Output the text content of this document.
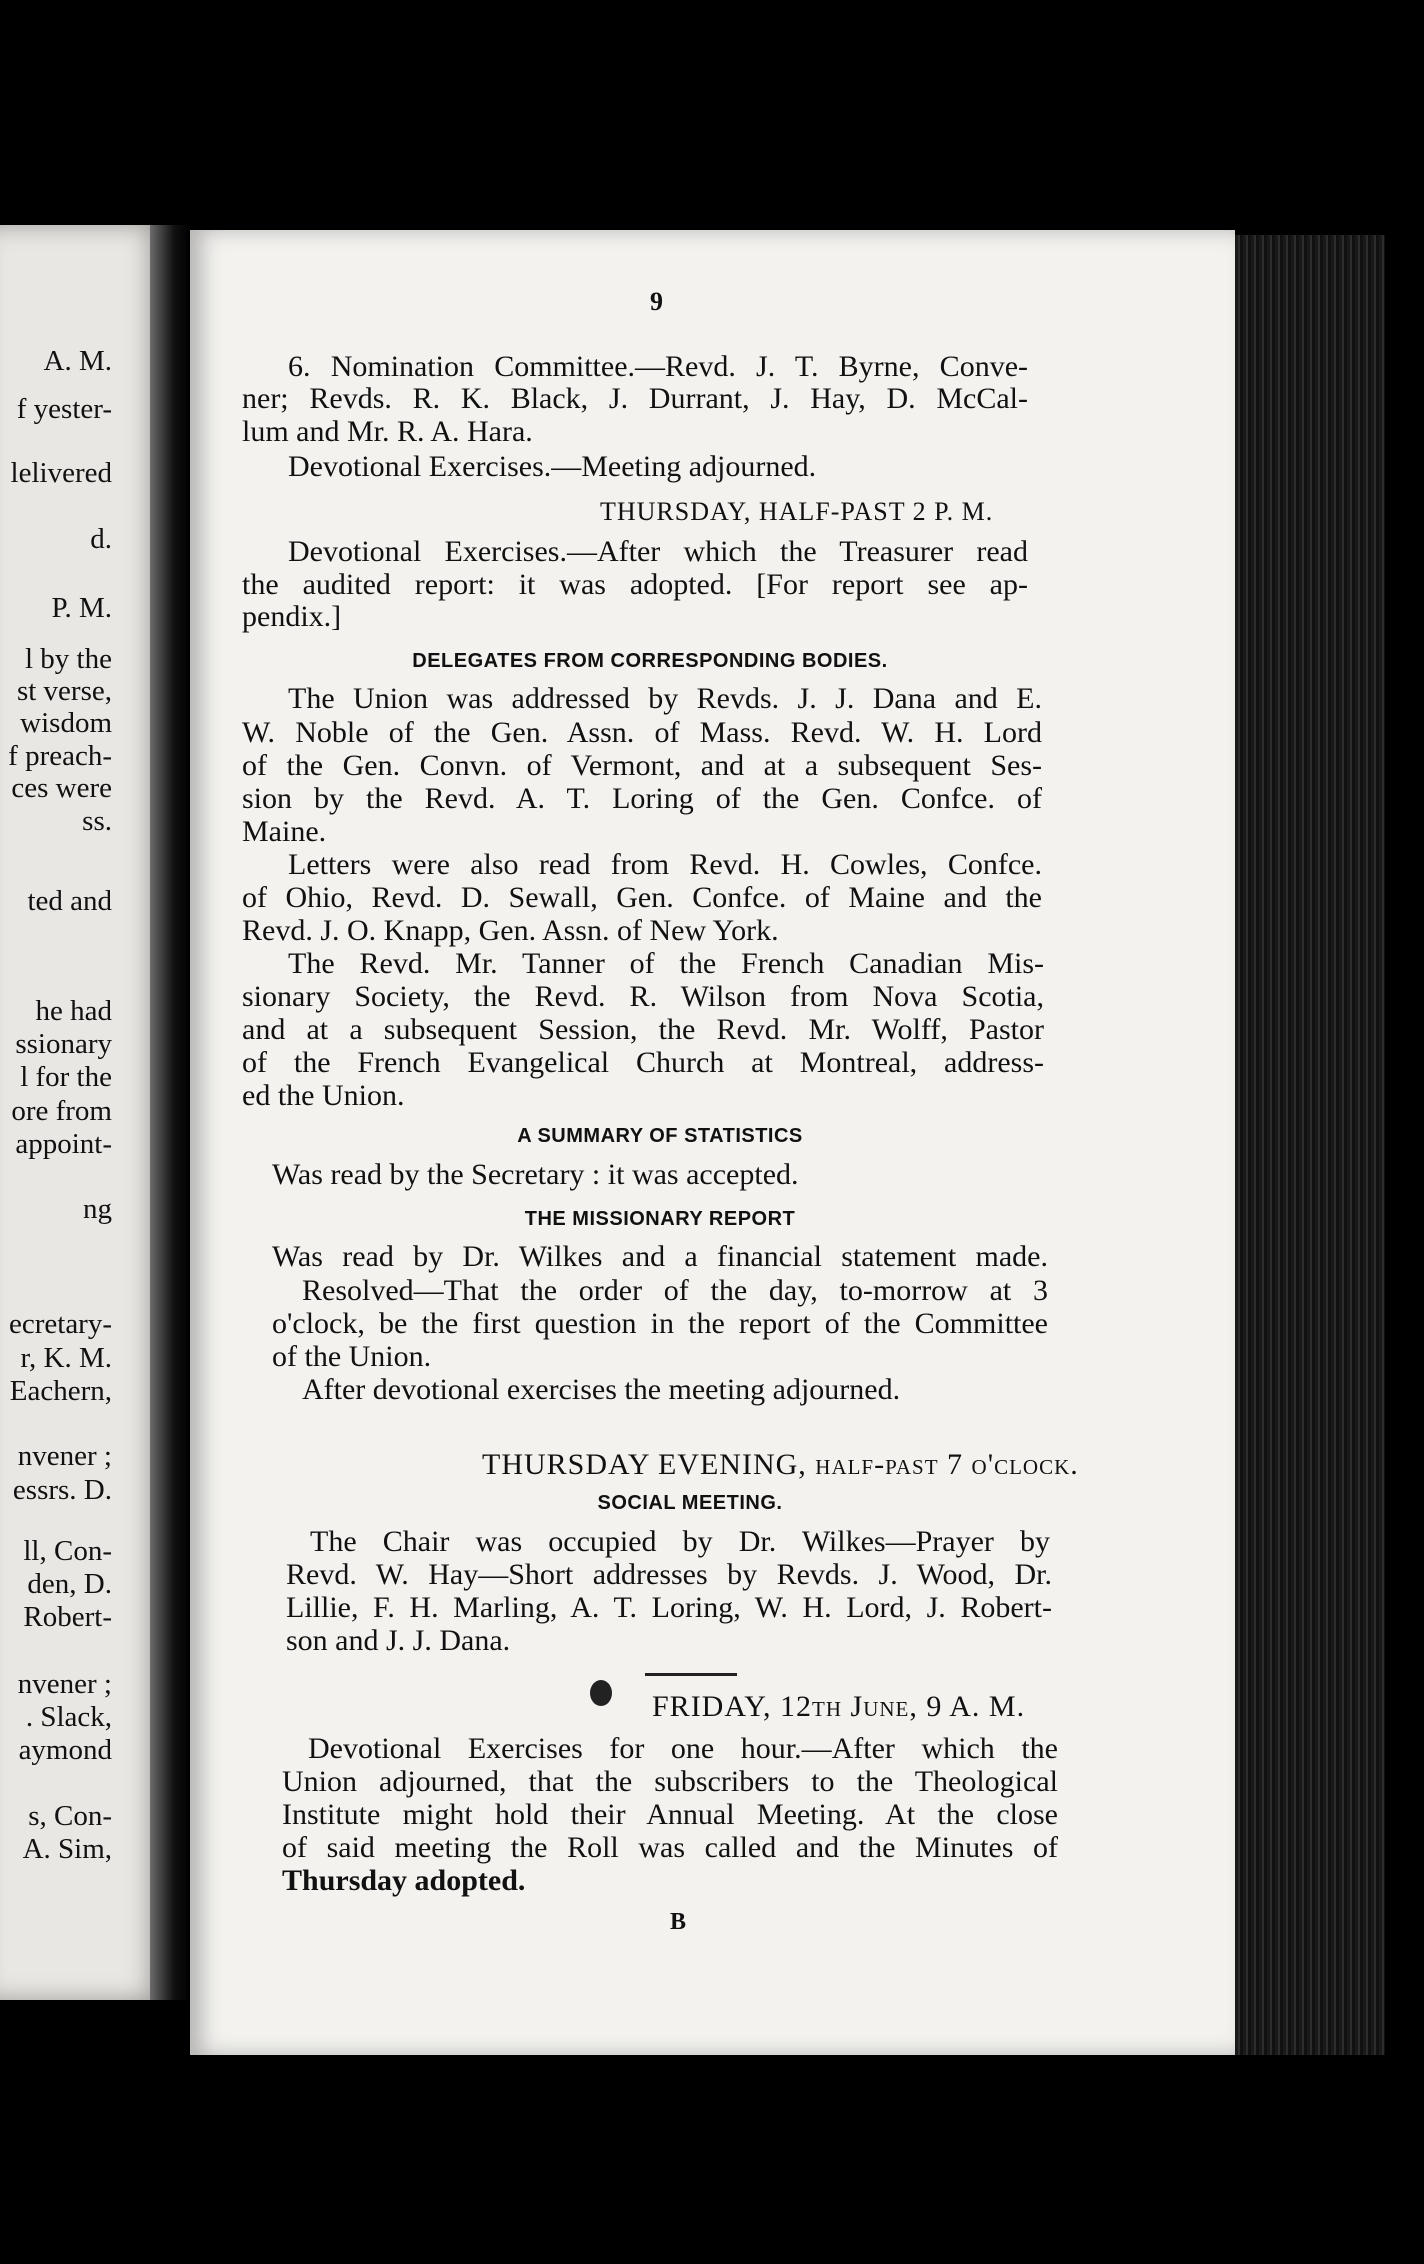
A. M.
f yester-
lelivered
d.
P. M.
l by the
st verse,
wisdom
f preach-
ces were
ss.
ted and
he had
ssionary
l for the
ore from
appoint-
ng
ecretary-
r, K. M.
Eachern,
nvener ;
essrs. D.
ll, Con-
den, D.
Robert-
nvener ;
. Slack,
aymond
s, Con-
A. Sim,
9
6. Nomination Committee.—Revd. J. T. Byrne, Conve-
ner; Revds. R. K. Black, J. Durrant, J. Hay, D. McCal-
lum and Mr. R. A. Hara.
Devotional Exercises.—Meeting adjourned.
THURSDAY, HALF-PAST 2 P. M.
Devotional Exercises.—After which the Treasurer read
the audited report: it was adopted. [For report see ap-
pendix.]
DELEGATES FROM CORRESPONDING BODIES.
The Union was addressed by Revds. J. J. Dana and E.
W. Noble of the Gen. Assn. of Mass. Revd. W. H. Lord
of the Gen. Convn. of Vermont, and at a subsequent Ses-
sion by the Revd. A. T. Loring of the Gen. Confce. of
Maine.
Letters were also read from Revd. H. Cowles, Confce.
of Ohio, Revd. D. Sewall, Gen. Confce. of Maine and the
Revd. J. O. Knapp, Gen. Assn. of New York.
The Revd. Mr. Tanner of the French Canadian Mis-
sionary Society, the Revd. R. Wilson from Nova Scotia,
and at a subsequent Session, the Revd. Mr. Wolff, Pastor
of the French Evangelical Church at Montreal, address-
ed the Union.
A SUMMARY OF STATISTICS
Was read by the Secretary : it was accepted.
THE MISSIONARY REPORT
Was read by Dr. Wilkes and a financial statement made.
Resolved—That the order of the day, to-morrow at 3
o'clock, be the first question in the report of the Committee
of the Union.
After devotional exercises the meeting adjourned.
THURSDAY EVENING, half-past 7 o'clock.
SOCIAL MEETING.
The Chair was occupied by Dr. Wilkes—Prayer by
Revd. W. Hay—Short addresses by Revds. J. Wood, Dr.
Lillie, F. H. Marling, A. T. Loring, W. H. Lord, J. Robert-
son and J. J. Dana.
FRIDAY, 12th June, 9 A. M.
Devotional Exercises for one hour.—After which the
Union adjourned, that the subscribers to the Theological
Institute might hold their Annual Meeting. At the close
of said meeting the Roll was called and the Minutes of
Thursday adopted.
B
